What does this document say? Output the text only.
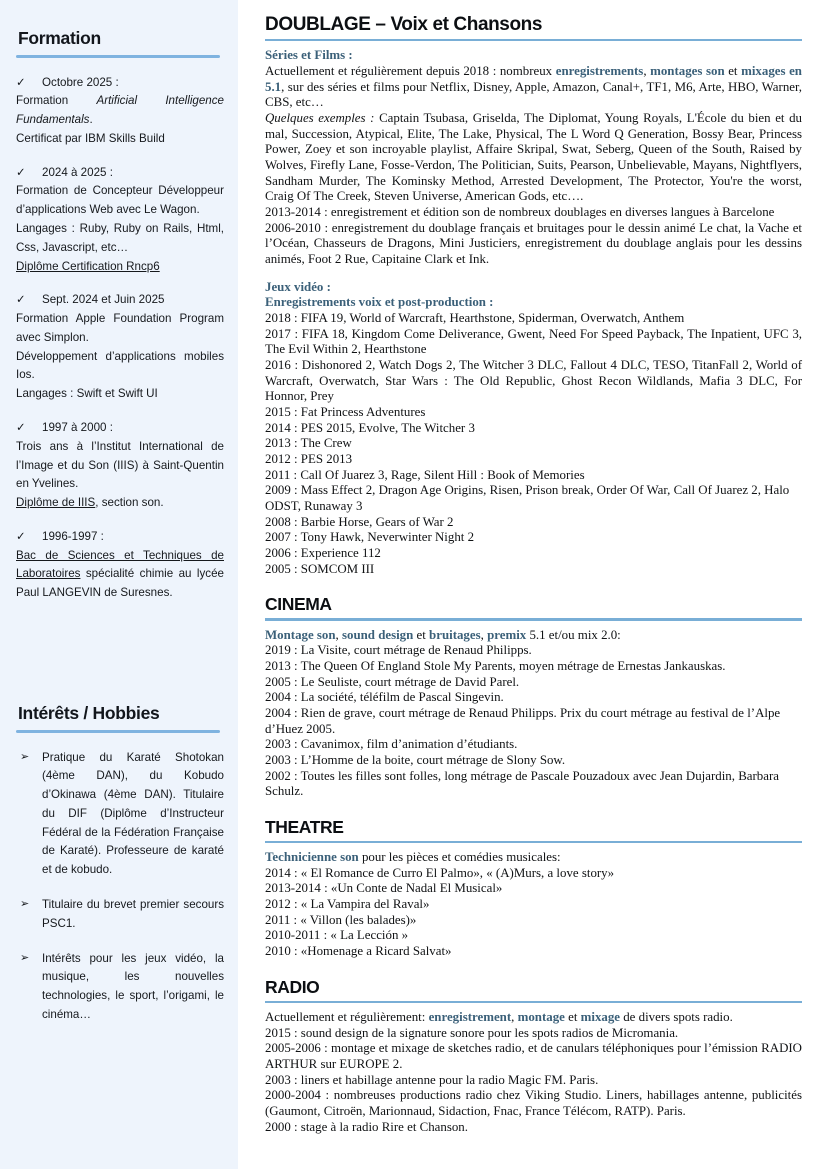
Formation
✓ Octobre 2025 :
Formation Artificial Intelligence Fundamentals.
Certificat par IBM Skills Build
✓ 2024 à 2025 :
Formation de Concepteur Développeur d’applications Web avec Le Wagon.
Langages : Ruby, Ruby on Rails, Html, Css, Javascript, etc…
Diplôme Certification Rncp6
✓ Sept. 2024 et Juin 2025
Formation Apple Foundation Program avec Simplon.
Développement d’applications mobiles Ios.
Langages : Swift et Swift UI
✓ 1997 à 2000 :
Trois ans à l’Institut International de l’Image et du Son (IIIS) à Saint-Quentin en Yvelines.
Diplôme de IIIS, section son.
✓ 1996-1997 :
Bac de Sciences et Techniques de Laboratoires spécialité chimie au lycée Paul LANGEVIN de Suresnes.
Intérêts / Hobbies
➢	Pratique du Karaté Shotokan (4ème DAN), du Kobudo d’Okinawa (4ème DAN). Titulaire du DIF (Diplôme d’Instructeur Fédéral de la Fédération Française de Karaté). Professeure de karaté et de kobudo.
➢	Titulaire du brevet premier secours PSC1.
➢	Intérêts pour les jeux vidéo, la musique, les nouvelles technologies, le sport, l’origami, le cinéma…
DOUBLAGE – Voix et Chansons

Séries et Films :

Actuellement et régulièrement depuis 2018 : nombreux enregistrements, montages son et mixages en 5.1, sur des séries et films pour Netflix, Disney, Apple, Amazon, Canal+, TF1, M6, Arte, HBO, Warner, CBS, etc…

Quelques exemples : Captain Tsubasa, Griselda, The Diplomat, Young Royals, L'École du bien et du mal, Succession, Atypical, Elite, The Lake, Physical, The L Word Q Generation, Bossy Bear, Princess Power, Zoey et son incroyable playlist, Affaire Skripal, Swat, Seberg, Queen of the South, Raised by Wolves, Firefly Lane, Fosse-Verdon, The Politician, Suits, Pearson, Unbelievable, Mayans, Nightflyers, Sandham Murder, The Kominsky Method, Arrested Development, The Protector, You're the worst, Craig Of The Creek, Steven Universe, American Gods, etc….

2013-2014 : enregistrement et édition son de nombreux doublages en diverses langues à Barcelone

2006-2010 : enregistrement du doublage français et bruitages pour le dessin animé Le chat, la Vache et l’Océan, Chasseurs de Dragons, Mini Justiciers, enregistrement du doublage anglais pour les dessins animés, Foot 2 Rue, Capitaine Clark et Ink.

Jeux vidéo :

Enregistrements voix et post-production :

2018 : FIFA 19, World of Warcraft, Hearthstone, Spiderman, Overwatch, Anthem

2017 : FIFA 18, Kingdom Come Deliverance, Gwent, Need For Speed Payback, The Inpatient, UFC 3, The Evil Within 2, Hearthstone

2016 : Dishonored 2, Watch Dogs 2, The Witcher 3 DLC, Fallout 4 DLC, TESO, TitanFall 2, World of Warcraft, Overwatch, Star Wars : The Old Republic, Ghost Recon Wildlands, Mafia 3 DLC, For Honnor, Prey

2015 : Fat Princess Adventures

2014 : PES 2015, Evolve, The Witcher 3

2013 : The Crew

2012 : PES 2013

2011 : Call Of Juarez 3, Rage, Silent Hill : Book of Memories

2009 : Mass Effect 2, Dragon Age Origins, Risen, Prison break, Order Of War, Call Of Juarez 2, Halo ODST, Runaway 3

2008 : Barbie Horse, Gears of War 2

2007 : Tony Hawk, Neverwinter Night 2

2006 : Experience 112

2005 : SOMCOM III

CINEMA

Montage son, sound design et bruitages, premix 5.1 et/ou mix 2.0:

2019 : La Visite, court métrage de Renaud Philipps.

2013 : The Queen Of England Stole My Parents, moyen métrage de Ernestas Jankauskas.

2005 : Le Seuliste, court métrage de David Parel.

2004 : La société, téléfilm de Pascal Singevin.

2004 : Rien de grave, court métrage de Renaud Philipps. Prix du court métrage au festival de l’Alpe d’Huez 2005.

2003 : Cavanimox, film d’animation d’étudiants.

2003 : L’Homme de la boite, court métrage de Slony Sow.

2002 : Toutes les filles sont folles, long métrage de Pascale Pouzadoux avec Jean Dujardin, Barbara Schulz.

THEATRE

Technicienne son pour les pièces et comédies musicales:

2014 : « El Romance de Curro El Palmo», « (A)Murs, a love story»

2013-2014 : «Un Conte de Nadal El Musical»

2012 : « La Vampira del Raval»

2011 : « Villon (les balades)»

2010-2011 : « La Lección »

2010 : «Homenage a Ricard Salvat»

RADIO

Actuellement et régulièrement: enregistrement, montage et mixage de divers spots radio.

2015 : sound design de la signature sonore pour les spots radios de Micromania.

2005-2006 : montage et mixage de sketches radio, et de canulars téléphoniques pour l’émission RADIO ARTHUR sur EUROPE 2.

2003 : liners et habillage antenne pour la radio Magic FM. Paris.

2000-2004 : nombreuses productions radio chez Viking Studio. Liners, habillages antenne, publicités (Gaumont, Citroën, Marionnaud, Sidaction, Fnac, France Télécom, RATP). Paris.

2000 : stage à la radio Rire et Chanson.
